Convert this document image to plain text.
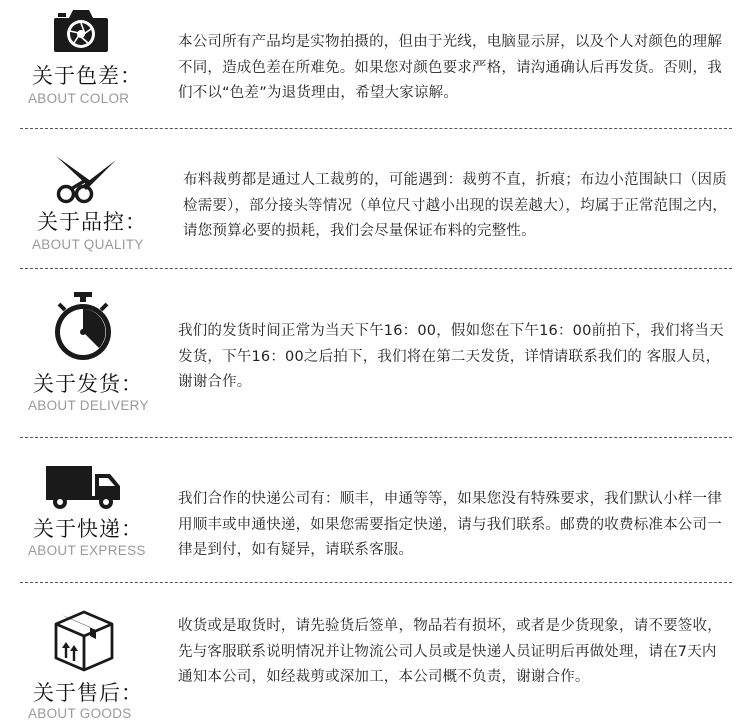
关于色差：
ABOUT COLOR
本公司所有产品均是实物拍摄的，但由于光线，电脑显示屏，以及个人对颜色的理解不同，造成色差在所难免。如果您对颜色要求严格，请沟通确认后再发货。否则，我们不以“色差”为退货理由，希望大家谅解。
关于品控：
ABOUT QUALITY
布料裁剪都是通过人工裁剪的，可能遇到：裁剪不直，折痕；布边小范围缺口（因质检需要），部分接头等情况（单位尺寸越小出现的误差越大），均属于正常范围之内，请您预算必要的损耗，我们会尽量保证布料的完整性。
关于发货：
ABOUT DELIVERY
我们的发货时间正常为当天下午16：00，假如您在下午16：00前拍下，我们将当天发货，下午16：00之后拍下，我们将在第二天发货，详情请联系我们的 客服人员，谢谢合作。
关于快递：
ABOUT EXPRESS
我们合作的快递公司有：顺丰，申通等等，如果您没有特殊要求，我们默认小样一律用顺丰或申通快递，如果您需要指定快递，请与我们联系。邮费的收费标准本公司一律是到付，如有疑异，请联系客服。
关于售后：
ABOUT GOODS
收货或是取货时，请先验货后签单，物品若有损坏，或者是少货现象，请不要签收，先与客服联系说明情况并让物流公司人员或是快递人员证明后再做处理，请在7天内通知本公司，如经裁剪或深加工，本公司概不负责，谢谢合作。
